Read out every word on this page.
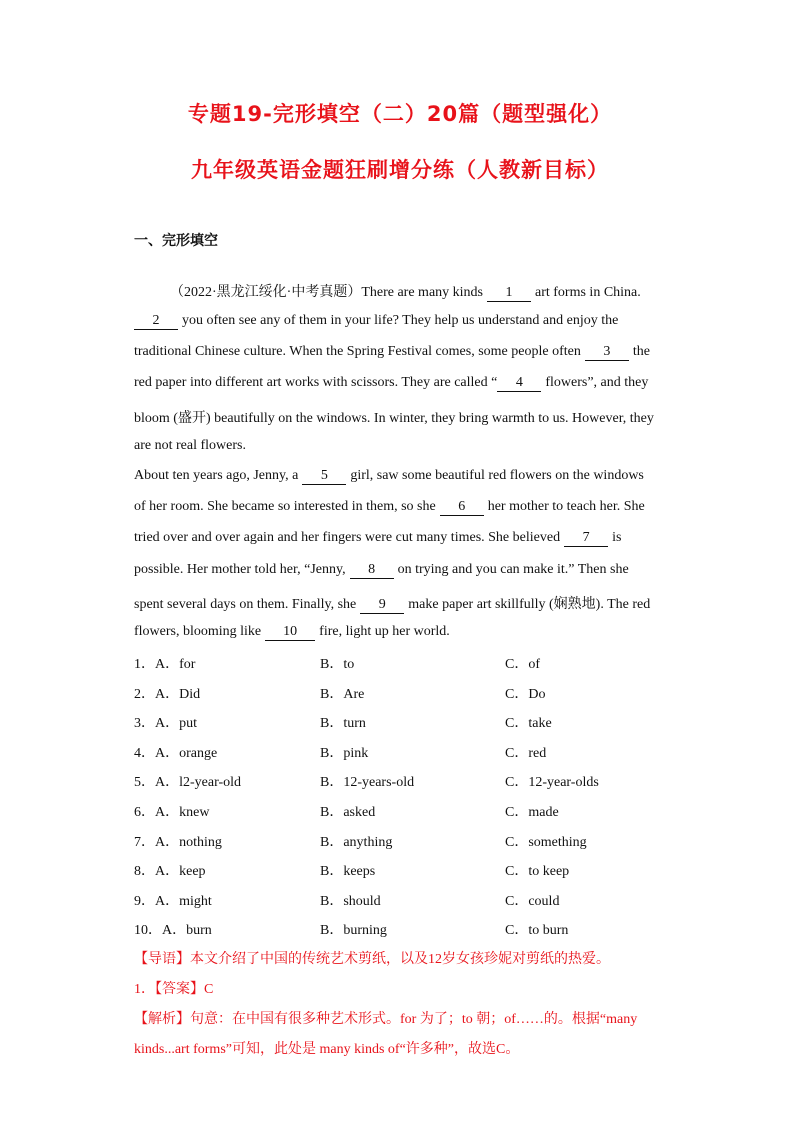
专题19-完形填空（二）20篇（题型强化）
九年级英语金题狂刷增分练（人教新目标）
一、完形填空
（2022·黑龙江绥化·中考真题）There are many kinds 1 art forms in China.
2 you often see any of them in your life? They help us understand and enjoy the
traditional Chinese culture. When the Spring Festival comes, some people often 3 the
red paper into different art works with scissors. They are called “ 4 flowers”, and they
bloom (盛开) beautifully on the windows. In winter, they bring warmth to us. However, they
are not real flowers.
About ten years ago, Jenny, a 5 girl, saw some beautiful red flowers on the windows
of her room. She became so interested in them, so she 6 her mother to teach her. She
tried over and over again and her fingers were cut many times. She believed 7 is
possible. Her mother told her, “Jenny, 8 on trying and you can make it.” Then she
spent several days on them. Finally, she 9 make paper art skillfully (娴熟地). The red
flowers, blooming like 10 fire, light up her world.
1．A．for	B．to	C．of
2．A．Did	B．Are	C．Do
3．A．put	B．turn	C．take
4．A．orange	B．pink	C．red
5．A．l2-year-old	B．12-years-old	C．12-year-olds
6．A．knew	B．asked	C．made
7．A．nothing	B．anything	C．something
8．A．keep	B．keeps	C．to keep
9．A．might	B．should	C．could
10．A．burn	B．burning	C．to burn
【导语】本文介绍了中国的传统艺术剪纸，以及12岁女孩珍妮对剪纸的热爱。
1．【答案】C
【解析】句意：在中国有很多种艺术形式。for 为了；to 朝；of……的。根据“many
kinds...art forms”可知，此处是 many kinds of“许多种”，故选C。
